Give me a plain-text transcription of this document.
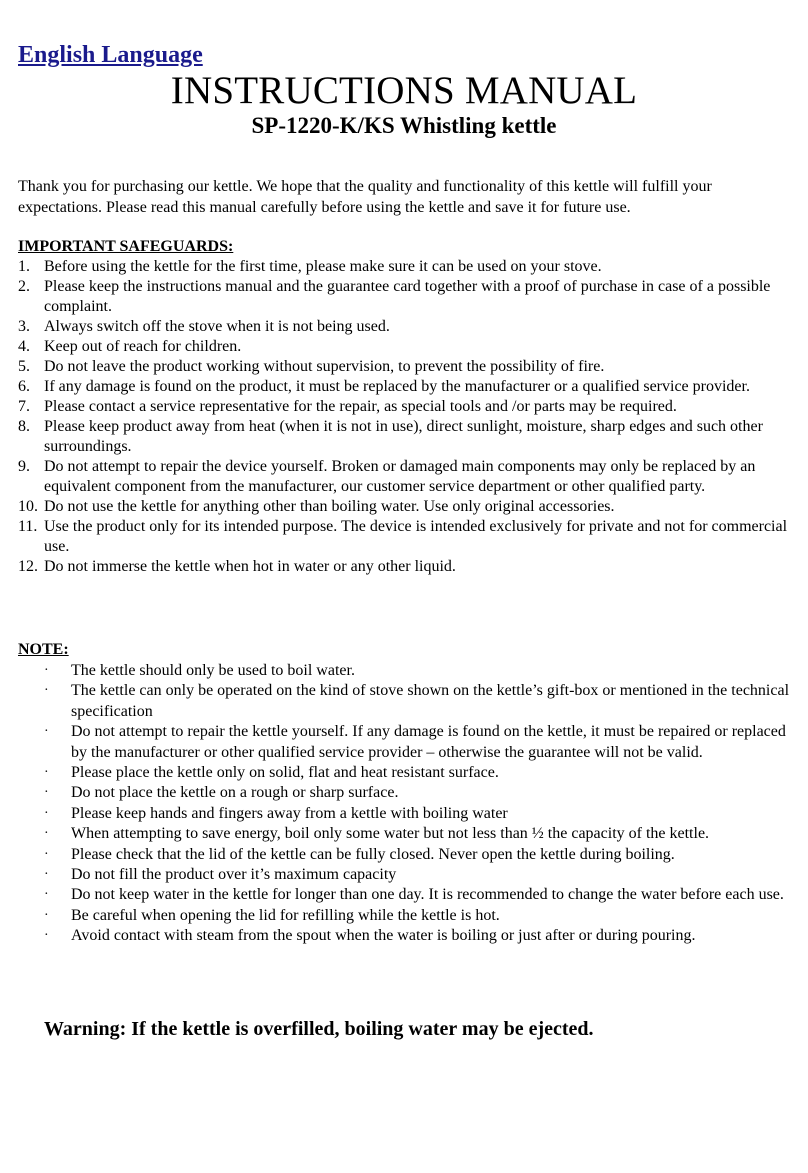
English Language
INSTRUCTIONS MANUAL
SP-1220-K/KS Whistling kettle

Thank you for purchasing our kettle. We hope that the quality and functionality of this kettle will fulfill your

expectations. Please read this manual carefully before using the kettle and save it for future use.

IMPORTANT SAFEGUARDS:
1. Before using the kettle for the first time, please make sure it can be used on your stove.
2. Please keep the instructions manual and the guarantee card together with a proof of purchase in case of a possible complaint.
3. Always switch off the stove when it is not being used.
4. Keep out of reach for children.
5. Do not leave the product working without supervision, to prevent the possibility of fire.
6. If any damage is found on the product, it must be replaced by the manufacturer or a qualified service provider.
7. Please contact a service representative for the repair, as special tools and /or parts may be required.
8. Please keep product away from heat (when it is not in use), direct sunlight, moisture, sharp edges and such other surroundings.
9. Do not attempt to repair the device yourself. Broken or damaged main components may only be replaced by an equivalent component from the manufacturer, our customer service department or other qualified party.
10. Do not use the kettle for anything other than boiling water. Use only original accessories.
11. Use the product only for its intended purpose. The device is intended exclusively for private and not for commercial use.
12. Do not immerse the kettle when hot in water or any other liquid.
NOTE:
· The kettle should only be used to boil water.
· The kettle can only be operated on the kind of stove shown on the kettle’s gift-box or mentioned in the technical specification
· Do not attempt to repair the kettle yourself. If any damage is found on the kettle, it must be repaired or replaced by the manufacturer or other qualified service provider – otherwise the guarantee will not be valid.
· Please place the kettle only on solid, flat and heat resistant surface.
· Do not place the kettle on a rough or sharp surface.
· Please keep hands and fingers away from a kettle with boiling water
· When attempting to save energy, boil only some water but not less than ½ the capacity of the kettle.
· Please check that the lid of the kettle can be fully closed. Never open the kettle during boiling.
· Do not fill the product over it’s maximum capacity
· Do not keep water in the kettle for longer than one day. It is recommended to change the water before each use.
· Be careful when opening the lid for refilling while the kettle is hot.
· Avoid contact with steam from the spout when the water is boiling or just after or during pouring.
Warning: If the kettle is overfilled, boiling water may be ejected.
